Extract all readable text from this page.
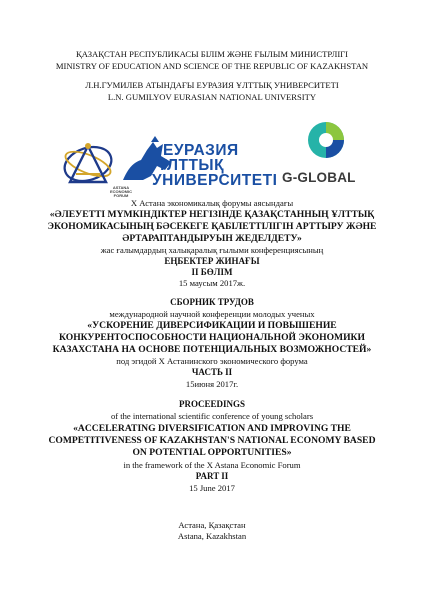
ҚАЗАҚСТАН РЕСПУБЛИКАСЫ БІЛІМ ЖӘНЕ ҒЫЛЫМ МИНИСТРЛІГІ
MINISTRY OF EDUCATION AND SCIENCE OF THE REPUBLIC OF KAZAKHSTAN
Л.Н.ГУМИЛЕВ АТЫНДАҒЫ ЕУРАЗИЯ ҰЛТТЫҚ УНИВЕРСИТЕТІ
L.N. GUMILYOV EURASIAN NATIONAL UNIVERSITY
ASTANA ECONOMIC FORUM
ЕУРАЗИЯ
ҰЛТТЫҚ
УНИВЕРСИТЕТІ G-GLOBAL
X Астана экономикалық форумы аясындағы
«ӘЛЕУЕТТІ МҮМКІНДІКТЕР НЕГІЗІНДЕ ҚАЗАҚСТАННЫҢ ҰЛТТЫҚ
ЭКОНОМИКАСЫНЫҢ БӘСЕКЕГЕ ҚАБІЛЕТТІЛІГІН АРТТЫРУ ЖӘНЕ
ӘРТАРАПТАНДЫРУЫН ЖЕДЕЛДЕТУ»
жас ғалымдардың халықаралық ғылыми конференциясының
ЕҢБЕКТЕР ЖИНАҒЫ
II БӨЛІМ
15 маусым 2017ж.
СБОРНИК ТРУДОВ
международной научной конференции молодых ученых
«УСКОРЕНИЕ ДИВЕРСИФИКАЦИИ И ПОВЫШЕНИЕ
КОНКУРЕНТОСПОСОБНОСТИ НАЦИОНАЛЬНОЙ ЭКОНОМИКИ
КАЗАХСТАНА НА ОСНОВЕ ПОТЕНЦИАЛЬНЫХ ВОЗМОЖНОСТЕЙ»
под эгидой X Астанинского экономического форума
ЧАСТЬ II
15июня 2017г.
PROCEEDINGS
of the international scientific conference of young scholars
«ACCELERATING DIVERSIFICATION AND IMPROVING THE
COMPETITIVENESS OF KAZAKHSTAN'S NATIONAL ECONOMY BASED
ON POTENTIAL OPPORTUNITIES»
in the framework of the X Astana Economic Forum
PART II
15 June 2017
Астана, Қазақстан
Astana, Kazakhstan
